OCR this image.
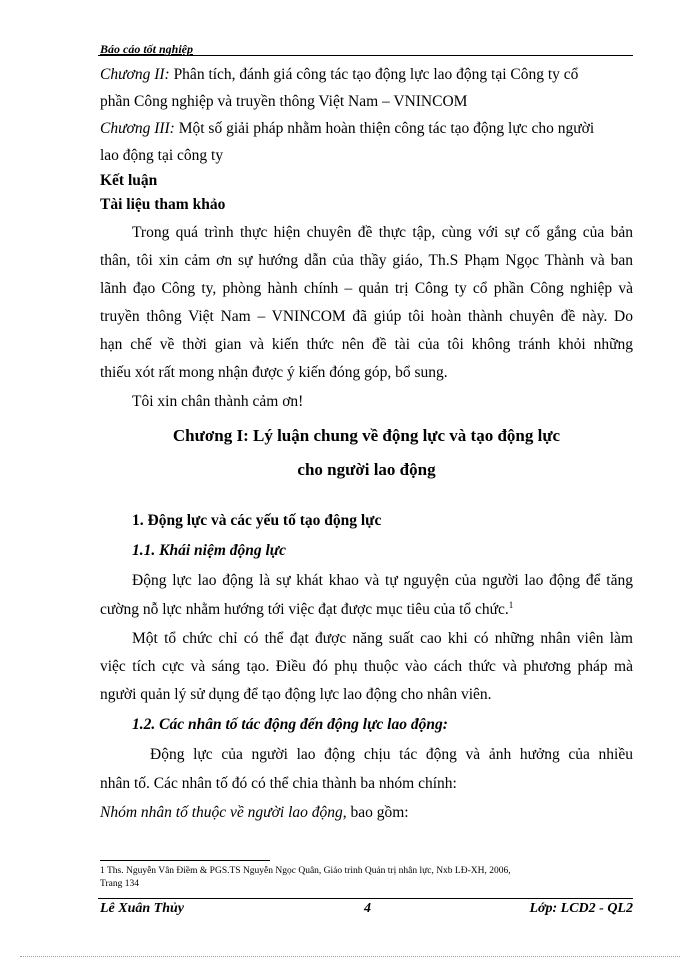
Báo cáo tốt nghiệp
Chương II: Phân tích, đánh giá công tác tạo động lực lao động tại Công ty cổ
phần Công nghiệp và truyền thông Việt Nam – VNINCOM
Chương III: Một số giải pháp nhằm hoàn thiện công tác tạo động lực cho người
lao động tại công ty
Kết luận
Tài liệu tham khảo
Trong quá trình thực hiện chuyên đề thực tập, cùng với sự cố gắng của bản
thân, tôi xin cảm ơn sự hướng dẫn của thầy giáo, Th.S Phạm Ngọc Thành và ban
lãnh đạo Công ty, phòng hành chính – quản trị Công ty cổ phần Công nghiệp và
truyền thông Việt Nam – VNINCOM đã giúp tôi hoàn thành chuyên đề này. Do
hạn chế về thời gian và kiến thức nên đề tài của tôi không tránh khỏi những
thiếu xót rất mong nhận được ý kiến đóng góp, bổ sung.
Tôi xin chân thành cảm ơn!
Chương I: Lý luận chung về động lực và tạo động lực
cho người lao động
1. Động lực và các yếu tố tạo động lực
1.1. Khái niệm động lực
Động lực lao động là sự khát khao và tự nguyện của người lao động để tăng
cường nỗ lực nhằm hướng tới việc đạt được mục tiêu của tổ chức.$^1$
Một tổ chức chỉ có thể đạt được năng suất cao khi có những nhân viên làm
việc tích cực và sáng tạo. Điều đó phụ thuộc vào cách thức và phương pháp mà
người quản lý sử dụng để tạo động lực lao động cho nhân viên.
1.2. Các nhân tố tác động đến động lực lao động:
Động lực của người lao động chịu tác động và ảnh hưởng của nhiều
nhân tố. Các nhân tố đó có thể chia thành ba nhóm chính:
Nhóm nhân tố thuộc về người lao động, bao gồm:
1 Ths. Nguyễn Vân Điềm & PGS.TS Nguyễn Ngọc Quân, Giáo trình Quản trị nhân lực, Nxb LĐ-XH, 2006,
Trang 134
Lê Xuân Thủy	4	Lớp: LCD2 - QL2
